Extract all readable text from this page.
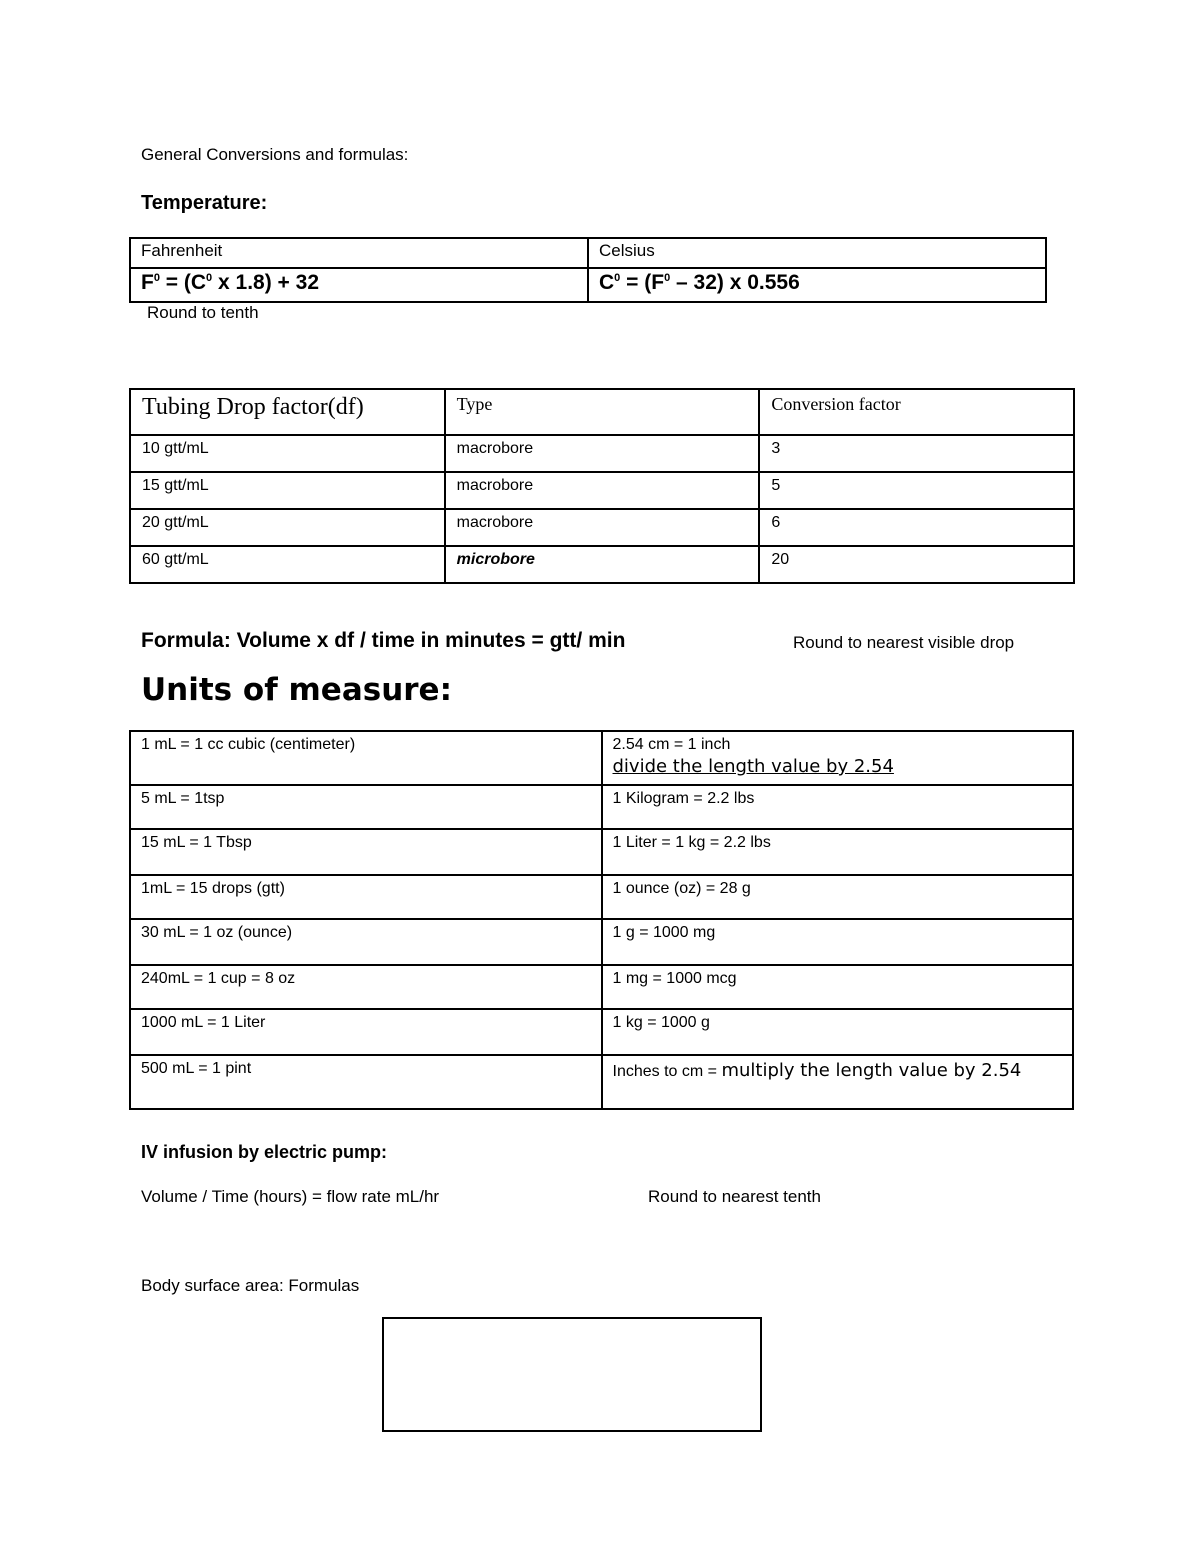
General Conversions and formulas:
Temperature:
Fahrenheit	Celsius
$F^0 = (C^0$ x 1.8) + 32	$C^0 = (F^0 - 32)$ x 0.556
Round to tenth
Tubing Drop factor(df)	Type	Conversion factor
10 gtt/mL	macrobore	3
15 gtt/mL	macrobore	5
20 gtt/mL	macrobore	6
60 gtt/mL	microbore	20
Formula: Volume x df / time in minutes = gtt/ min	Round to nearest visible drop
Units of measure:
1 mL = 1 cc cubic (centimeter)	2.54 cm = 1 inch
divide the length value by 2.54

5 mL = 1tsp	1 Kilogram = 2.2 lbs
15 mL = 1 Tbsp	1 Liter = 1 kg = 2.2 lbs
1mL = 15 drops (gtt)	1 ounce (oz) = 28 g
30 mL = 1 oz (ounce)	1 g = 1000 mg
240mL = 1 cup = 8 oz	1 mg = 1000 mcg
1000 mL = 1 Liter	1 kg = 1000 g
500 mL = 1 pint	Inches to cm = multiply the length value by 2.54
IV infusion by electric pump:
Volume / Time (hours) = flow rate mL/hr	Round to nearest tenth
Body surface area: Formulas
